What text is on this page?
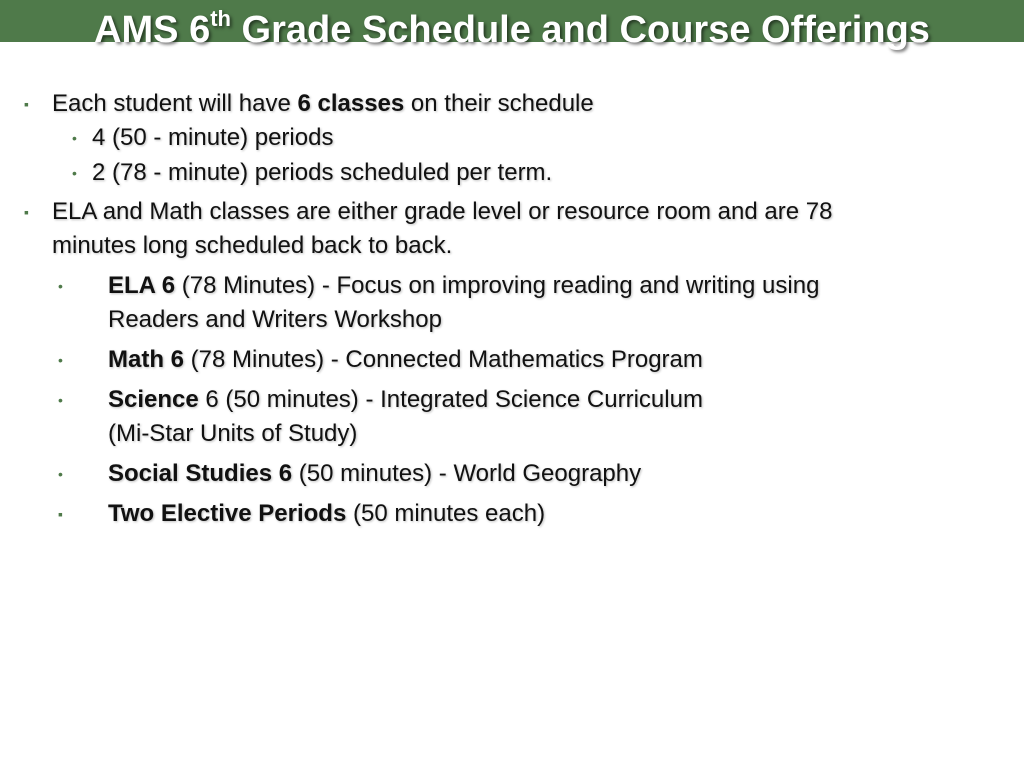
AMS 6th Grade Schedule and Course Offerings
▪ Each student will have 6 classes on their schedule
• 4 (50 - minute) periods
• 2 (78 - minute) periods scheduled per term.
▪ ELA and Math classes are either grade level or resource room and are 78
minutes long scheduled back to back.
• ELA 6 (78 Minutes) - Focus on improving reading and writing using
Readers and Writers Workshop
• Math 6 (78 Minutes) - Connected Mathematics Program
• Science 6 (50 minutes) - Integrated Science Curriculum
(Mi-Star Units of Study)
• Social Studies 6 (50 minutes) - World Geography
▪ Two Elective Periods (50 minutes each)
